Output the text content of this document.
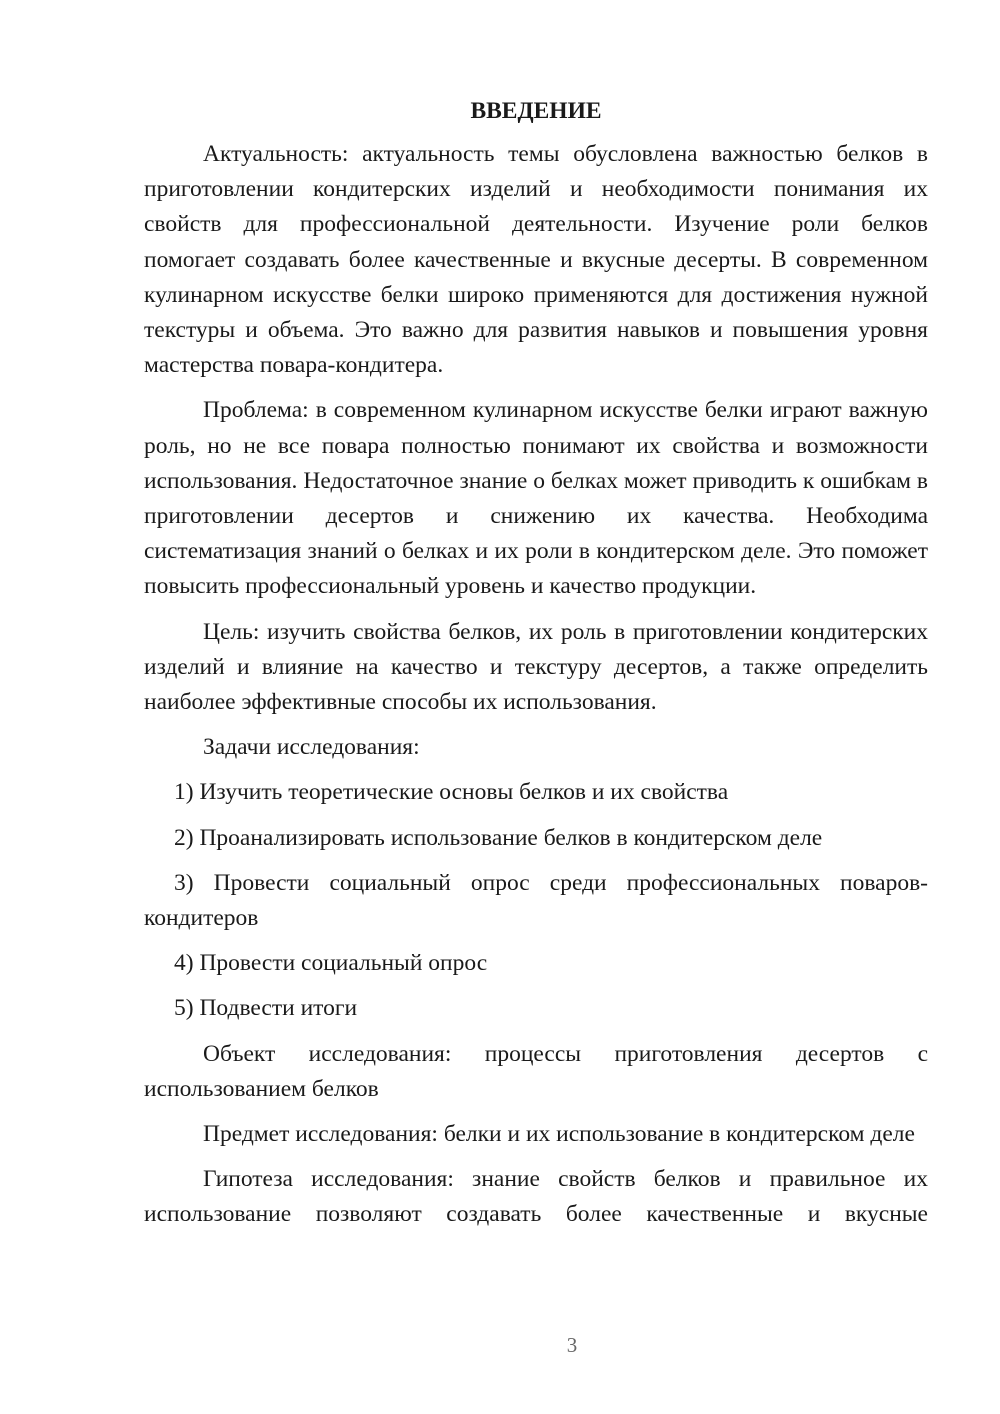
ВВЕДЕНИЕ

Актуальность: актуальность темы обусловлена важностью белков в приготовлении кондитерских изделий и необходимости понимания их свойств для профессиональной деятельности. Изучение роли белков помогает создавать более качественные и вкусные десерты. В современном кулинарном искусстве белки широко применяются для достижения нужной текстуры и объема. Это важно для развития навыков и повышения уровня мастерства повара-кондитера.

Проблема: в современном кулинарном искусстве белки играют важную роль, но не все повара полностью понимают их свойства и возможности использования. Недостаточное знание о белках может приводить к ошибкам в приготовлении десертов и снижению их качества. Необходима систематизация знаний о белках и их роли в кондитерском деле. Это поможет повысить профессиональный уровень и качество продукции.

Цель: изучить свойства белков, их роль в приготовлении кондитерских изделий и влияние на качество и текстуру десертов, а также определить наиболее эффективные способы их использования.

Задачи исследования:

1) Изучить теоретические основы белков и их свойства

2) Проанализировать использование белков в кондитерском деле

3) Провести социальный опрос среди профессиональных поваров-кондитеров

4) Провести социальный опрос

5) Подвести итоги

Объект исследования: процессы приготовления десертов с использованием белков

Предмет исследования: белки и их использование в кондитерском деле

Гипотеза исследования: знание свойств белков и правильное их использование позволяют создавать более качественные и вкусные

3
